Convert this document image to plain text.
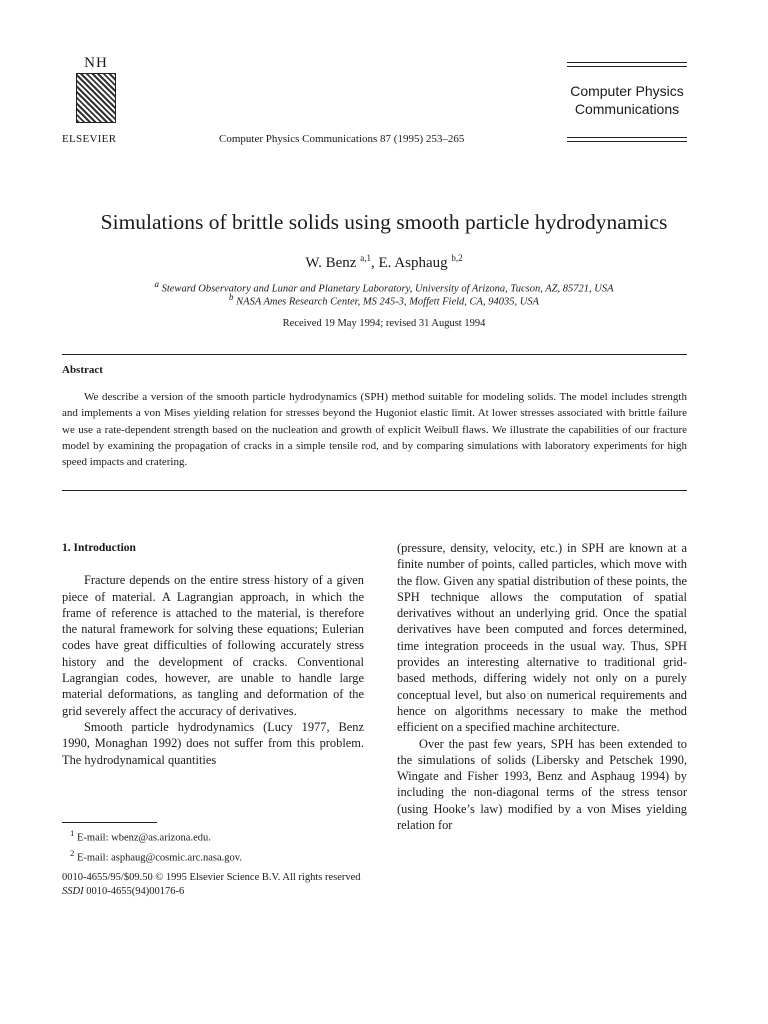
NH
ELSEVIER	Computer Physics Communications 87 (1995) 253–265
Computer Physics
Communications
Simulations of brittle solids using smooth particle hydrodynamics
W. Benz $^{a,1}$, E. Asphaug $^{b,2}$
$^a$ Steward Observatory and Lunar and Planetary Laboratory, University of Arizona, Tucson, AZ, 85721, USA
$^b$ NASA Ames Research Center, MS 245-3, Moffett Field, CA, 94035, USA
Received 19 May 1994; revised 31 August 1994
Abstract
We describe a version of the smooth particle hydrodynamics (SPH) method suitable for modeling solids. The model includes strength and implements a von Mises yielding relation for stresses beyond the Hugoniot elastic limit. At lower stresses associated with brittle failure we use a rate-dependent strength based on the nucleation and growth of explicit Weibull flaws. We illustrate the capabilities of our fracture model by examining the propagation of cracks in a simple tensile rod, and by comparing simulations with laboratory experiments for high speed impacts and cratering.

1. Introduction

Fracture depends on the entire stress history of a given piece of material. A Lagrangian approach, in which the frame of reference is attached to the material, is therefore the natural framework for solving these equations; Eulerian codes have great difficulties of following accurately stress history and the development of cracks. Conventional Lagrangian codes, however, are unable to handle large material deformations, as tangling and deformation of the grid severely affect the accuracy of derivatives.

Smooth particle hydrodynamics (Lucy 1977, Benz 1990, Monaghan 1992) does not suffer from this problem. The hydrodynamical quantities

(pressure, density, velocity, etc.) in SPH are known at a finite number of points, called particles, which move with the flow. Given any spatial distribution of these points, the SPH technique allows the computation of spatial derivatives without an underlying grid. Once the spatial derivatives have been computed and forces determined, time integration proceeds in the usual way. Thus, SPH provides an interesting alternative to traditional grid-based methods, differing widely not only on a purely conceptual level, but also on numerical requirements and hence on algorithms necessary to make the method efficient on a specified machine architecture.

Over the past few years, SPH has been extended to the simulations of solids (Libersky and Petschek 1990, Wingate and Fisher 1993, Benz and Asphaug 1994) by including the non-diagonal terms of the stress tensor (using Hooke’s law) modified by a von Mises yielding relation for

$^1$ E-mail: wbenz@as.arizona.edu.
$^2$ E-mail: asphaug@cosmic.arc.nasa.gov.
0010-4655/95/$09.50 © 1995 Elsevier Science B.V. All rights reserved
SSDI 0010-4655(94)00176-6
